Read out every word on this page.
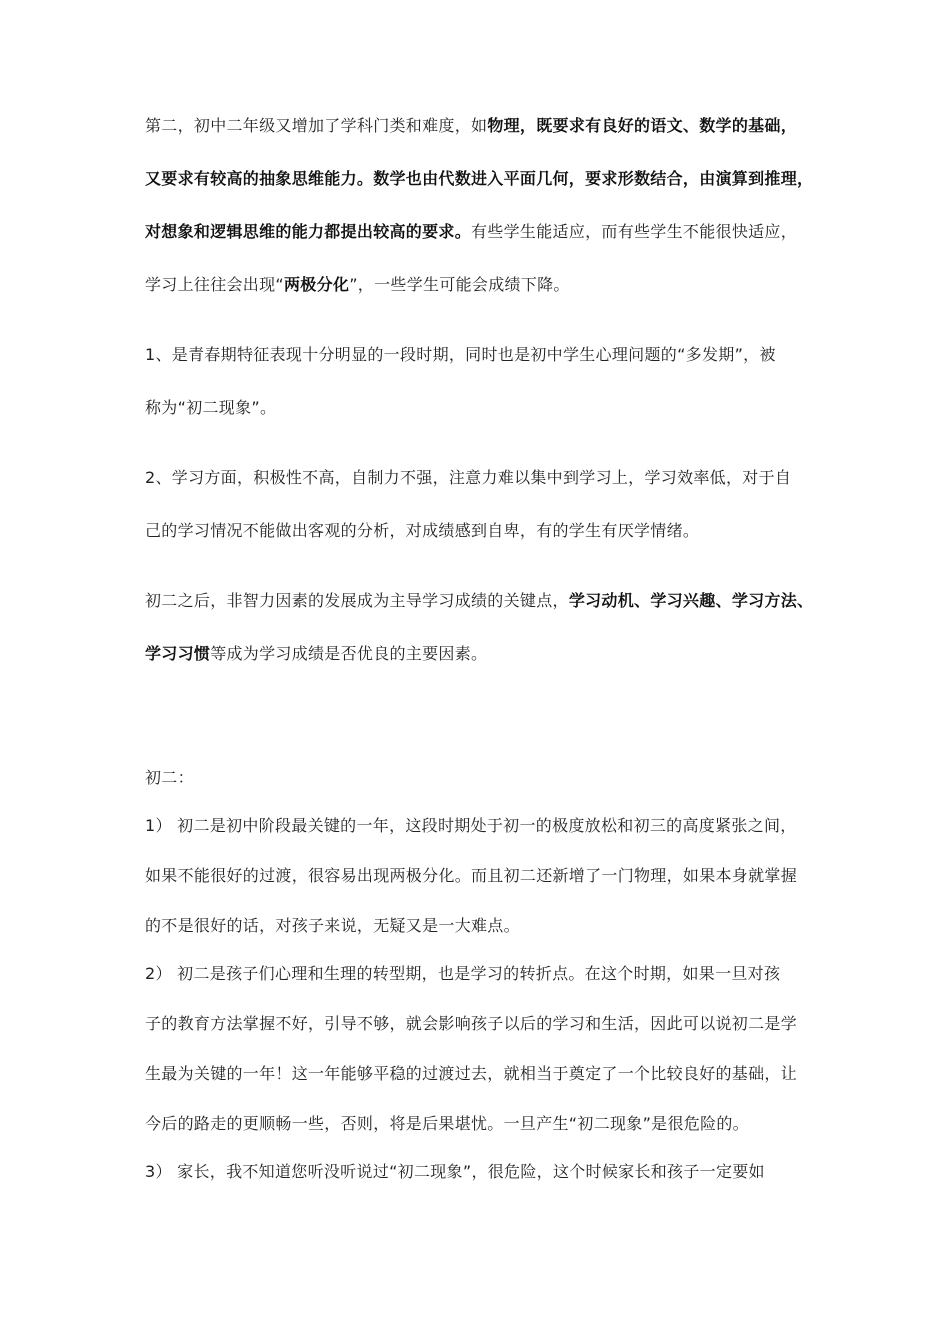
第二，初中二年级又增加了学科门类和难度，如物理，既要求有良好的语文、数学的基础，
又要求有较高的抽象思维能力。数学也由代数进入平面几何，要求形数结合，由演算到推理，
对想象和逻辑思维的能力都提出较高的要求。有些学生能适应，而有些学生不能很快适应，
学习上往往会出现“两极分化”，一些学生可能会成绩下降。
1、是青春期特征表现十分明显的一段时期，同时也是初中学生心理问题的“多发期”，被
称为“初二现象”。
2、学习方面，积极性不高，自制力不强，注意力难以集中到学习上，学习效率低，对于自
己的学习情况不能做出客观的分析，对成绩感到自卑，有的学生有厌学情绪。
初二之后，非智力因素的发展成为主导学习成绩的关键点，学习动机、学习兴趣、学习方法、
学习习惯等成为学习成绩是否优良的主要因素。
初二：
1） 初二是初中阶段最关键的一年，这段时期处于初一的极度放松和初三的高度紧张之间，
如果不能很好的过渡，很容易出现两极分化。而且初二还新增了一门物理，如果本身就掌握
的不是很好的话，对孩子来说，无疑又是一大难点。
2） 初二是孩子们心理和生理的转型期，也是学习的转折点。在这个时期，如果一旦对孩
子的教育方法掌握不好，引导不够，就会影响孩子以后的学习和生活，因此可以说初二是学
生最为关键的一年！这一年能够平稳的过渡过去，就相当于奠定了一个比较良好的基础，让
今后的路走的更顺畅一些，否则，将是后果堪忧。一旦产生“初二现象”是很危险的。
3） 家长，我不知道您听没听说过“初二现象”，很危险，这个时候家长和孩子一定要如
